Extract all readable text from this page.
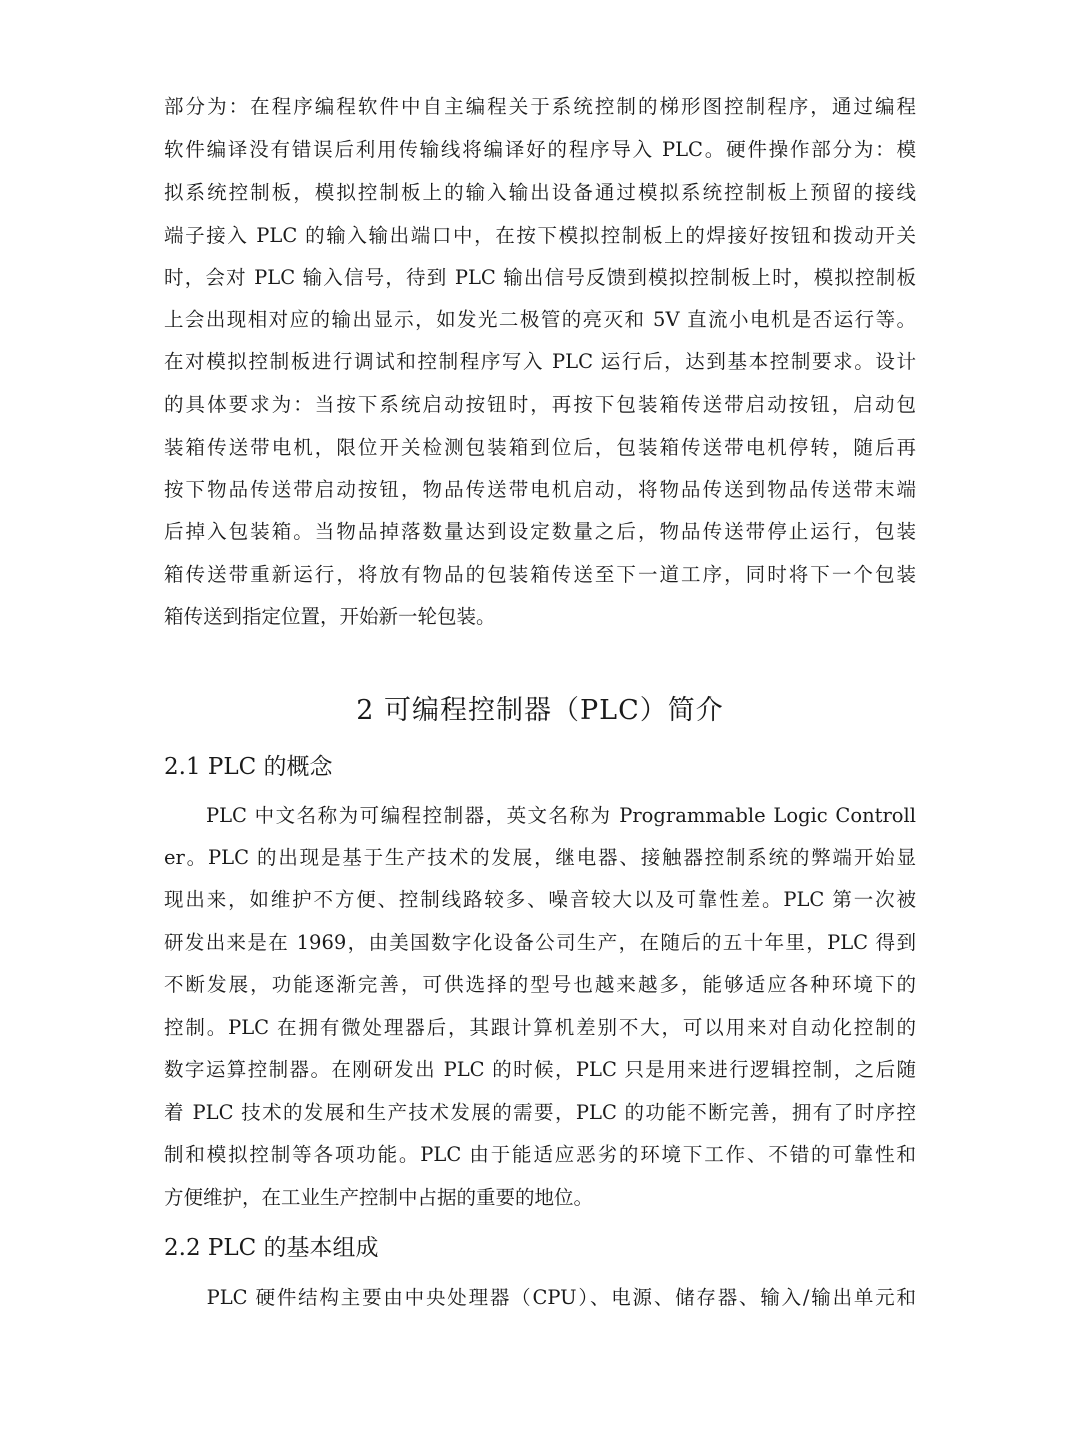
部分为：在程序编程软件中自主编程关于系统控制的梯形图控制程序，通过编程
软件编译没有错误后利用传输线将编译好的程序导入 PLC。硬件操作部分为：模
拟系统控制板，模拟控制板上的输入输出设备通过模拟系统控制板上预留的接线
端子接入 PLC 的输入输出端口中，在按下模拟控制板上的焊接好按钮和拨动开关
时，会对 PLC 输入信号，待到 PLC 输出信号反馈到模拟控制板上时，模拟控制板
上会出现相对应的输出显示，如发光二极管的亮灭和 5V 直流小电机是否运行等。
在对模拟控制板进行调试和控制程序写入 PLC 运行后，达到基本控制要求。设计
的具体要求为：当按下系统启动按钮时，再按下包装箱传送带启动按钮，启动包
装箱传送带电机，限位开关检测包装箱到位后，包装箱传送带电机停转，随后再
按下物品传送带启动按钮，物品传送带电机启动，将物品传送到物品传送带末端
后掉入包装箱。当物品掉落数量达到设定数量之后，物品传送带停止运行，包装
箱传送带重新运行，将放有物品的包装箱传送至下一道工序，同时将下一个包装
箱传送到指定位置，开始新一轮包装。
2 可编程控制器（PLC）简介
2.1 PLC 的概念
　　PLC 中文名称为可编程控制器，英文名称为 Programmable Logic Controll
er。PLC 的出现是基于生产技术的发展，继电器、接触器控制系统的弊端开始显
现出来，如维护不方便、控制线路较多、噪音较大以及可靠性差。PLC 第一次被
研发出来是在 1969，由美国数字化设备公司生产，在随后的五十年里，PLC 得到
不断发展，功能逐渐完善，可供选择的型号也越来越多，能够适应各种环境下的
控制。PLC 在拥有微处理器后，其跟计算机差别不大，可以用来对自动化控制的
数字运算控制器。在刚研发出 PLC 的时候，PLC 只是用来进行逻辑控制，之后随
着 PLC 技术的发展和生产技术发展的需要，PLC 的功能不断完善，拥有了时序控
制和模拟控制等各项功能。PLC 由于能适应恶劣的环境下工作、不错的可靠性和
方便维护，在工业生产控制中占据的重要的地位。
2.2 PLC 的基本组成
　　PLC 硬件结构主要由中央处理器（CPU）、电源、储存器、输入/输出单元和
